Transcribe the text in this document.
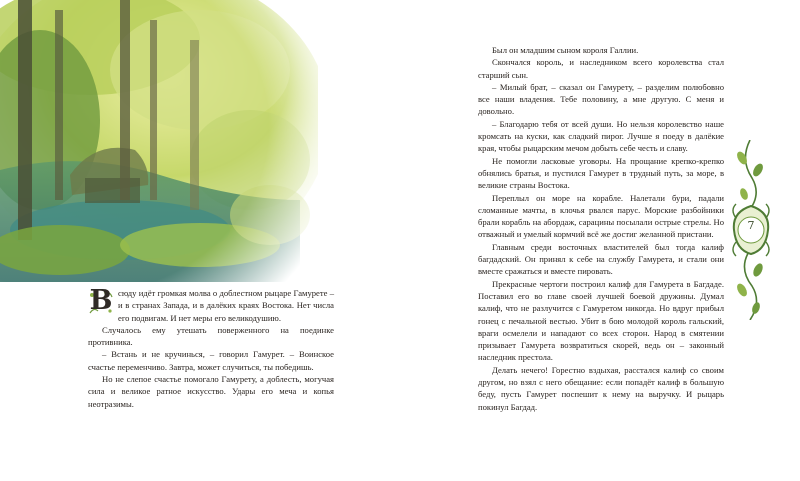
В сюду идёт громкая молва о доблестном рыцаре Гамурете – и в странах Запада, и в далёких краях Востока. Нет числа его подвигам. И нет меры его великодушию.

Случалось ему утешать поверженного на поединке противника.

– Встань и не кручинься, – говорил Гамурет. – Воинское счастье переменчиво. Завтра, может случиться, ты победишь.

Но не слепое счастье помогало Гамурету, а доблесть, могучая сила и великое ратное искусство. Удары его меча и копья неотразимы.

Был он младшим сыном короля Галлии.

Скончался король, и наследником всего королевства стал старший сын.

– Милый брат, – сказал он Гамурету, – разделим полюбовно все наши владения. Тебе половину, а мне другую. С меня и довольно.

– Благодарю тебя от всей души. Но нельзя королевство наше кромсать на куски, как сладкий пирог. Лучше я поеду в далёкие края, чтобы рыцарским мечом добыть себе честь и славу.

Не помогли ласковые уговоры. На прощание крепко-крепко обнялись братья, и пустился Гамурет в трудный путь, за море, в великие страны Востока.

Переплыл он море на корабле. Налетали бури, падали сломанные мачты, в клочья рвался парус. Морские разбойники брали корабль на абордаж, сарацины посылали острые стрелы. Но отважный и умелый кормчий всё же достиг желанной пристани.

Главным среди восточных властителей был тогда калиф багдадский. Он принял к себе на службу Гамурета, и стали они вместе сражаться и вместе пировать.

Прекрасные чертоги построил калиф для Гамурета в Багдаде. Поставил его во главе своей лучшей боевой дружины. Думал калиф, что не разлучится с Гамуретом никогда. Но вдруг прибыл гонец с печальной вестью. Убит в бою молодой король гальский, враги осмелели и нападают со всех сторон. Народ в смятении призывает Гамурета возвратиться скорей, ведь он – законный наследник престола.

Делать нечего! Горестно вздыхая, расстался калиф со своим другом, но взял с него обещание: если попадёт калиф в большую беду, пусть Гамурет поспешит к нему на выручку. И рыцарь покинул Багдад.

7
